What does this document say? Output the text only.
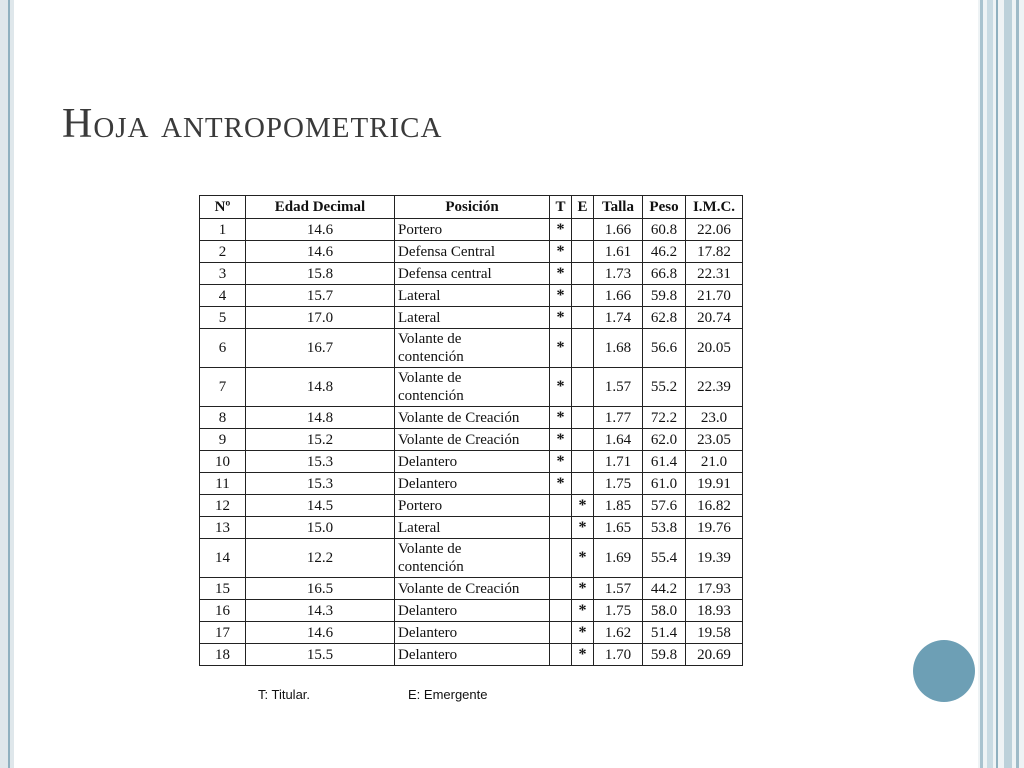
Hoja antropometrica
Nº	Edad Decimal	Posición	T	E	Talla	Peso	I.M.C.
1	14.6	Portero	*		1.66	60.8	22.06
2	14.6	Defensa Central	*		1.61	46.2	17.82
3	15.8	Defensa central	*		1.73	66.8	22.31
4	15.7	Lateral	*		1.66	59.8	21.70
5	17.0	Lateral	*		1.74	62.8	20.74
6	16.7	Volante de
contención	*		1.68	56.6	20.05
7	14.8	Volante de
contención	*		1.57	55.2	22.39
8	14.8	Volante de Creación	*		1.77	72.2	23.0
9	15.2	Volante de Creación	*		1.64	62.0	23.05
10	15.3	Delantero	*		1.71	61.4	21.0
11	15.3	Delantero	*		1.75	61.0	19.91
12	14.5	Portero		*	1.85	57.6	16.82
13	15.0	Lateral		*	1.65	53.8	19.76
14	12.2	Volante de
contención		*	1.69	55.4	19.39
15	16.5	Volante de Creación		*	1.57	44.2	17.93
16	14.3	Delantero		*	1.75	58.0	18.93
17	14.6	Delantero		*	1.62	51.4	19.58
18	15.5	Delantero		*	1.70	59.8	20.69
T: Titular.	E: Emergente
